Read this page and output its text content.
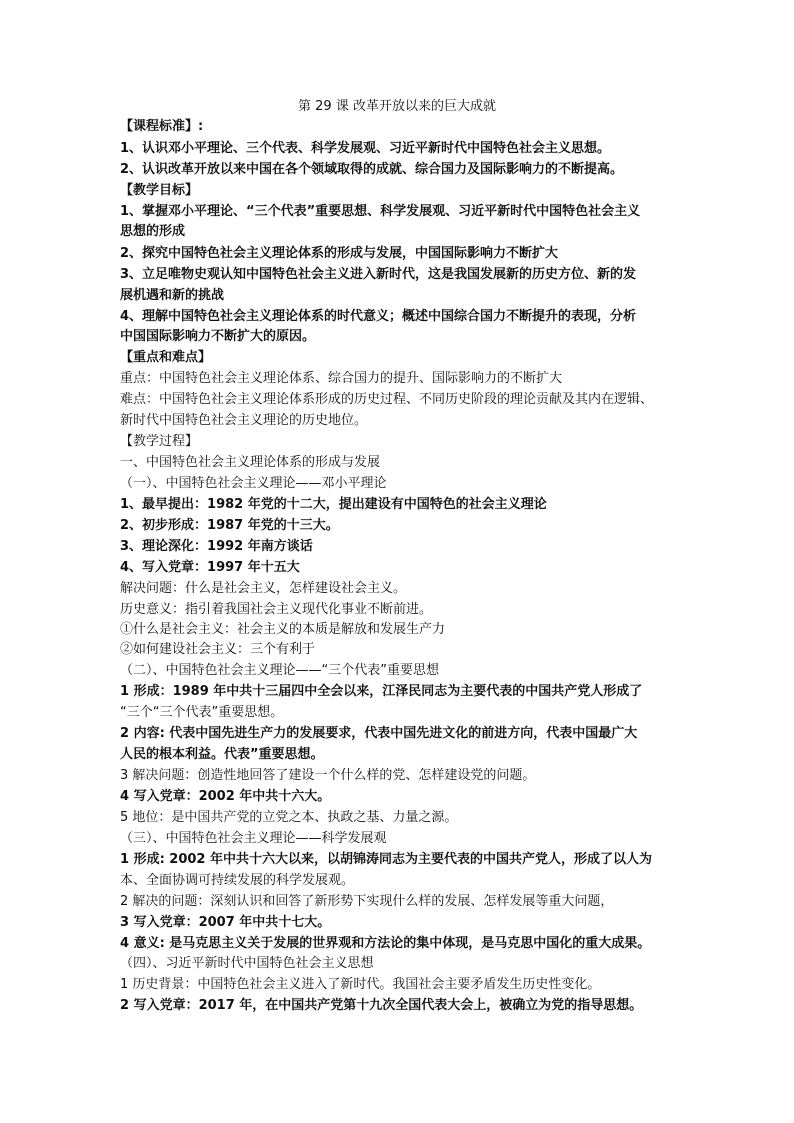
第 29 课 改革开放以来的巨大成就
【课程标准】:
1、认识邓小平理论、三个代表、科学发展观、习近平新时代中国特色社会主义思想。
2、认识改革开放以来中国在各个领域取得的成就、综合国力及国际影响力的不断提高。
【教学目标】
1、掌握邓小平理论、“三个代表”重要思想、科学发展观、习近平新时代中国特色社会主义
思想的形成
2、探究中国特色社会主义理论体系的形成与发展，中国国际影响力不断扩大
3、立足唯物史观认知中国特色社会主义进入新时代，这是我国发展新的历史方位、新的发
展机遇和新的挑战
4、理解中国特色社会主义理论体系的时代意义；概述中国综合国力不断提升的表现，分析
中国国际影响力不断扩大的原因。
【重点和难点】
重点：中国特色社会主义理论体系、综合国力的提升、国际影响力的不断扩大
难点：中国特色社会主义理论体系形成的历史过程、不同历史阶段的理论贡献及其内在逻辑、
新时代中国特色社会主义理论的历史地位。
【教学过程】
一、中国特色社会主义理论体系的形成与发展
（一）、中国特色社会主义理论——邓小平理论
1、最早提出：1982 年党的十二大，提出建设有中国特色的社会主义理论
2、初步形成：1987 年党的十三大。
3、理论深化：1992 年南方谈话
4、写入党章：1997 年十五大
解决问题：什么是社会主义，怎样建设社会主义。
历史意义：指引着我国社会主义现代化事业不断前进。
①什么是社会主义：社会主义的本质是解放和发展生产力
②如何建设社会主义：三个有利于
（二）、中国特色社会主义理论——“三个代表”重要思想
1 形成：1989 年中共十三届四中全会以来，江泽民同志为主要代表的中国共产党人形成了
“三个“三个代表”重要思想。
2 内容: 代表中国先进生产力的发展要求，代表中国先进文化的前进方向，代表中国最广大
人民的根本利益。代表”重要思想。
3 解决问题：创造性地回答了建设一个什么样的党、怎样建设党的问题。
4 写入党章：2002 年中共十六大。
5 地位：是中国共产党的立党之本、执政之基、力量之源。
（三）、中国特色社会主义理论——科学发展观
1 形成: 2002 年中共十六大以来，以胡锦涛同志为主要代表的中国共产党人，形成了以人为
本、全面协调可持续发展的科学发展观。
2 解决的问题：深刻认识和回答了新形势下实现什么样的发展、怎样发展等重大问题，
3 写入党章：2007 年中共十七大。
4 意义: 是马克思主义关于发展的世界观和方法论的集中体现，是马克思中国化的重大成果。
（四）、习近平新时代中国特色社会主义思想
1 历史背景：中国特色社会主义进入了新时代。我国社会主要矛盾发生历史性变化。
2 写入党章：2017 年，在中国共产党第十九次全国代表大会上，被确立为党的指导思想。
